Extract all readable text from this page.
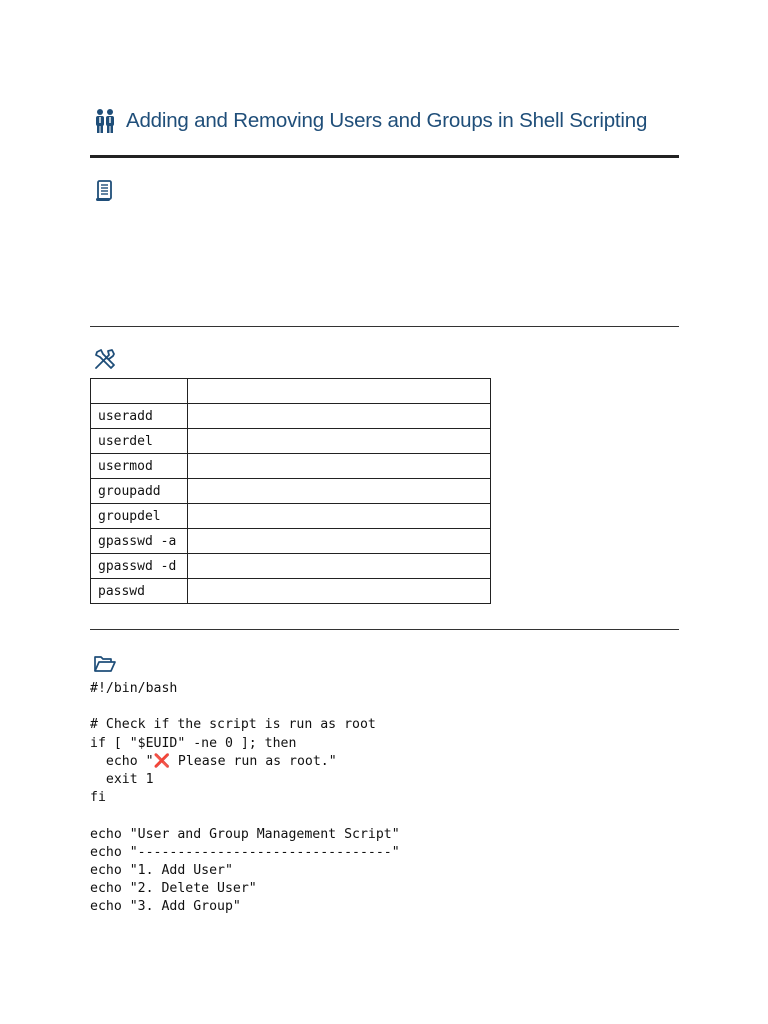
Adding and Removing Users and Groups in Shell Scripting

useradd	
userdel	
usermod	
groupadd	
groupdel	
gpasswd -a	
gpasswd -d	
passwd	
#!/bin/bash
# Check if the script is run as root
if [ "$EUID" -ne 0 ]; then
echo "❌ Please run as root."
exit 1
fi
echo "User and Group Management Script"
echo "--------------------------------"
echo "1. Add User"
echo "2. Delete User"
echo "3. Add Group"
